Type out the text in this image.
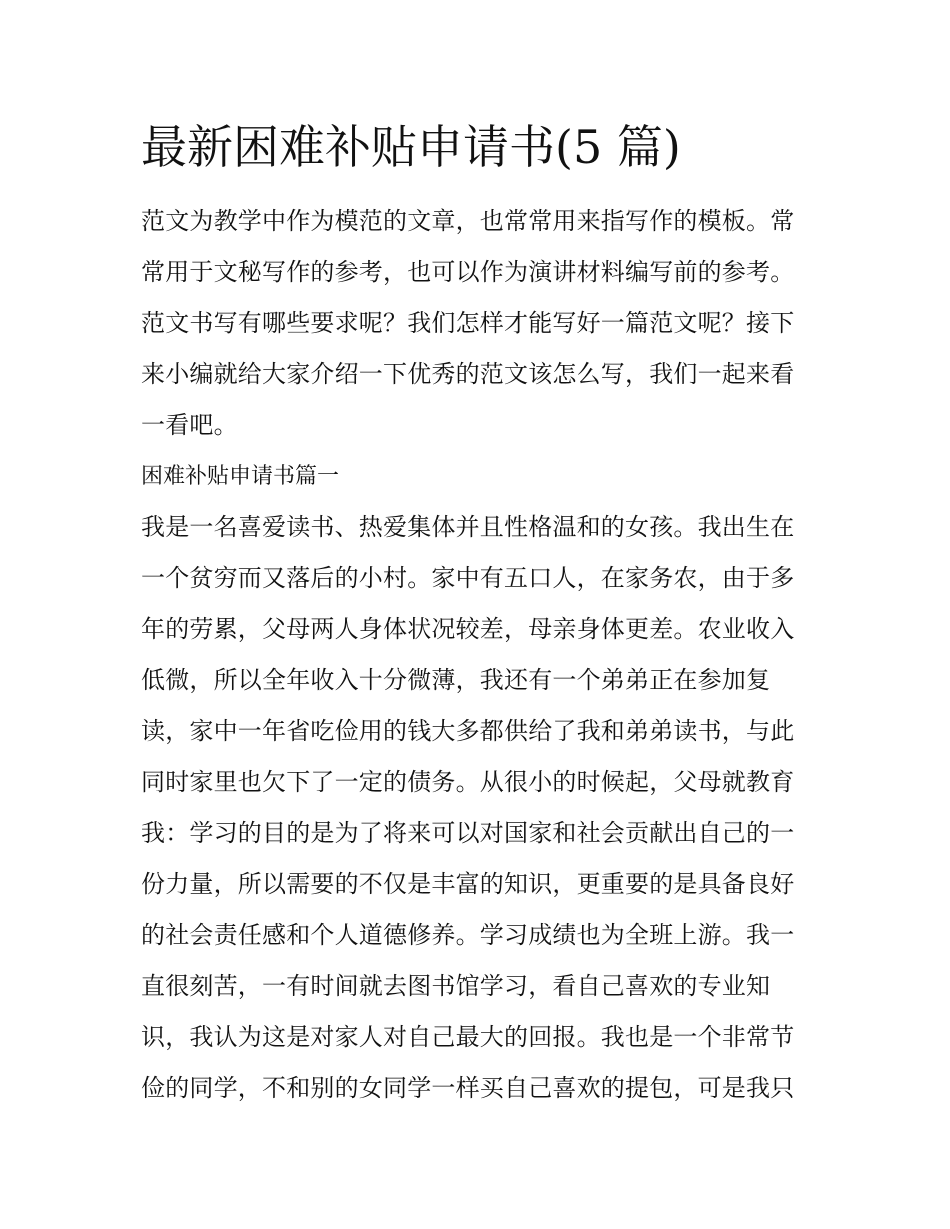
最新困难补贴申请书(5 篇)

范文为教学中作为模范的文章，也常常用来指写作的模板。常

常用于文秘写作的参考，也可以作为演讲材料编写前的参考。

范文书写有哪些要求呢？我们怎样才能写好一篇范文呢？接下

来小编就给大家介绍一下优秀的范文该怎么写，我们一起来看

一看吧。

困难补贴申请书篇一

我是一名喜爱读书、热爱集体并且性格温和的女孩。我出生在

一个贫穷而又落后的小村。家中有五口人，在家务农，由于多

年的劳累，父母两人身体状况较差，母亲身体更差。农业收入

低微，所以全年收入十分微薄，我还有一个弟弟正在参加复

读，家中一年省吃俭用的钱大多都供给了我和弟弟读书，与此

同时家里也欠下了一定的债务。从很小的时候起，父母就教育

我：学习的目的是为了将来可以对国家和社会贡献出自己的一

份力量，所以需要的不仅是丰富的知识，更重要的是具备良好

的社会责任感和个人道德修养。学习成绩也为全班上游。我一

直很刻苦，一有时间就去图书馆学习，看自己喜欢的专业知

识，我认为这是对家人对自己最大的回报。我也是一个非常节

俭的同学，不和别的女同学一样买自己喜欢的提包，可是我只
